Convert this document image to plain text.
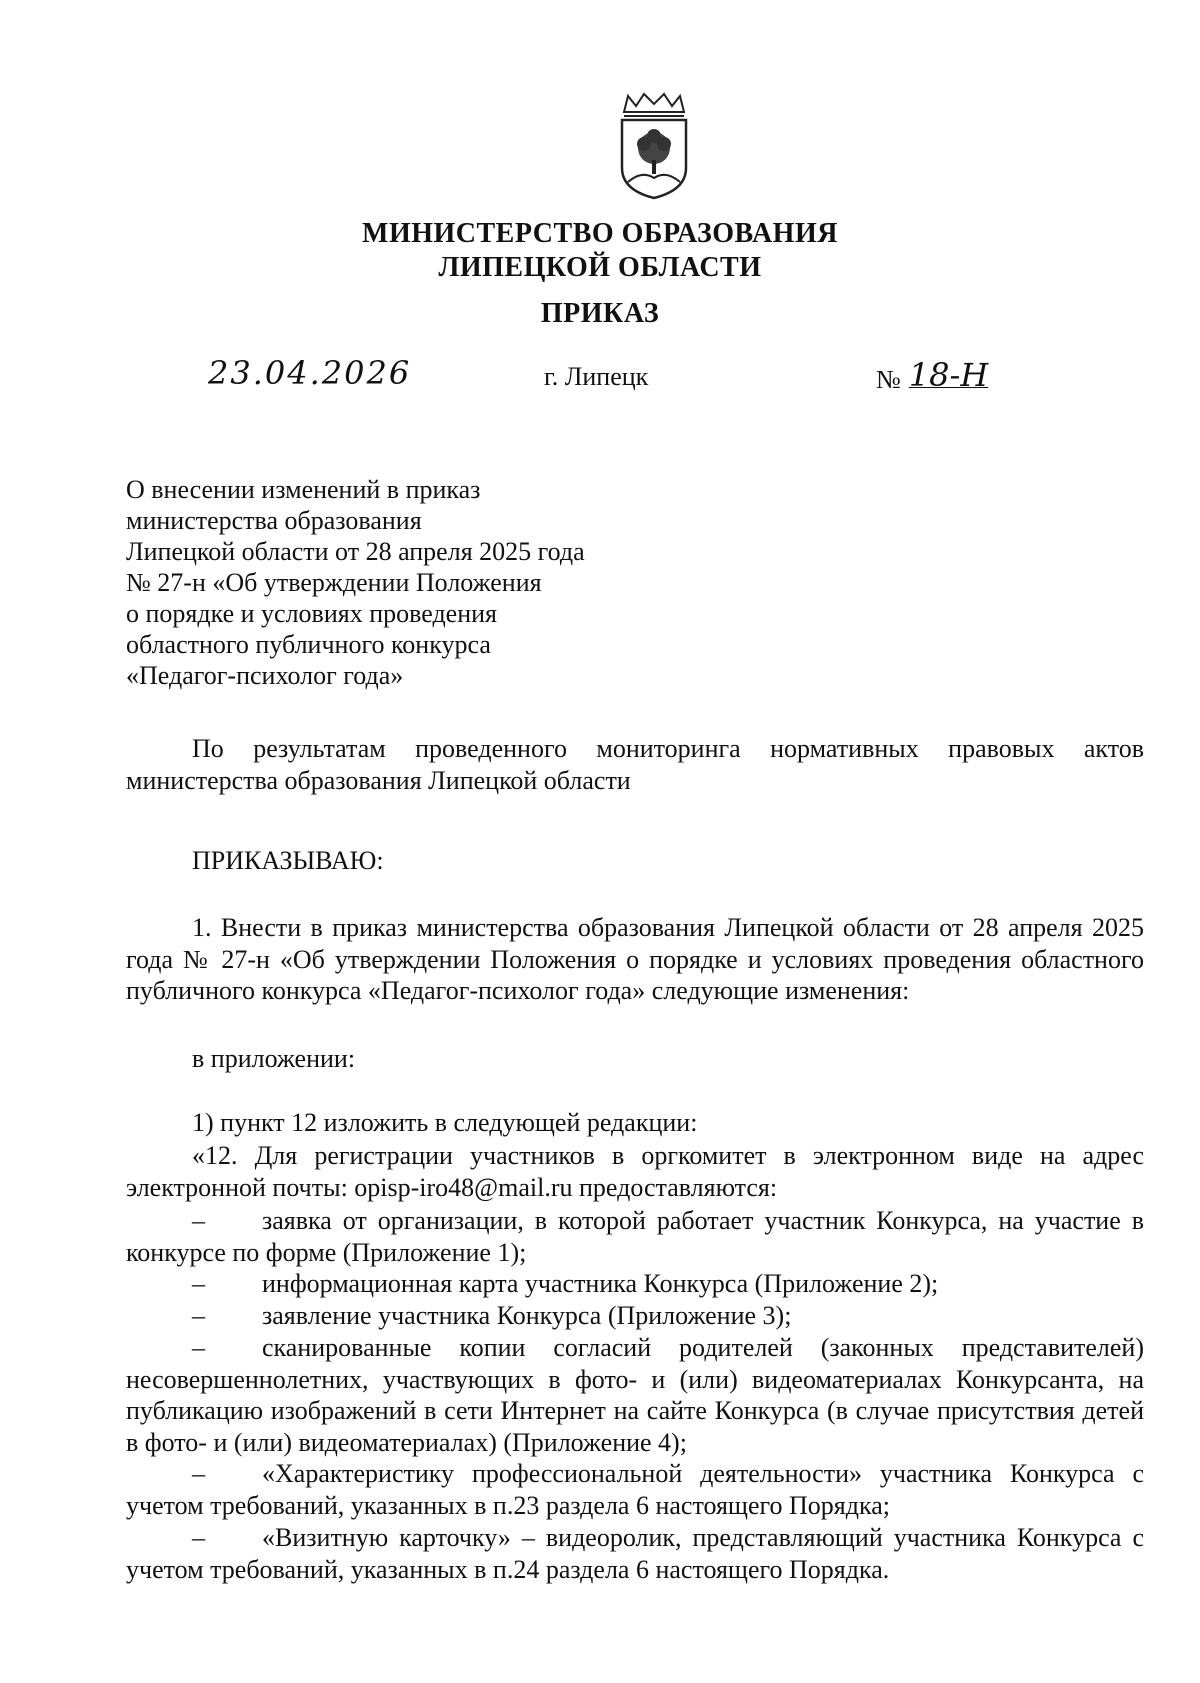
МИНИСТЕРСТВО ОБРАЗОВАНИЯ
ЛИПЕЦКОЙ ОБЛАСТИ
ПРИКАЗ
23.04.2026	г. Липецк	№ 18-Н
О внесении изменений в приказ
министерства образования
Липецкой области от 28 апреля 2025 года
№ 27-н «Об утверждении Положения
о порядке и условиях проведения
областного публичного конкурса
«Педагог-психолог года»
По результатам проведенного мониторинга нормативных правовых актов министерства образования Липецкой области
ПРИКАЗЫВАЮ:
1. Внести в приказ министерства образования Липецкой области от 28 апреля 2025 года № 27-н «Об утверждении Положения о порядке и условиях проведения областного публичного конкурса «Педагог-психолог года» следующие изменения:
в приложении:
1) пункт 12 изложить в следующей редакции:
«12. Для регистрации участников в оргкомитет в электронном виде на адрес электронной почты: opisp-iro48@mail.ru предоставляются:
– заявка от организации, в которой работает участник Конкурса, на участие в конкурсе по форме (Приложение 1);
– информационная карта участника Конкурса (Приложение 2);
– заявление участника Конкурса (Приложение 3);
– сканированные копии согласий родителей (законных представителей) несовершеннолетних, участвующих в фото- и (или) видеоматериалах Конкурсанта, на публикацию изображений в сети Интернет на сайте Конкурса (в случае присутствия детей в фото- и (или) видеоматериалах) (Приложение 4);
– «Характеристику профессиональной деятельности» участника Конкурса с учетом требований, указанных в п.23 раздела 6 настоящего Порядка;
– «Визитную карточку» – видеоролик, представляющий участника Конкурса с учетом требований, указанных в п.24 раздела 6 настоящего Порядка.
